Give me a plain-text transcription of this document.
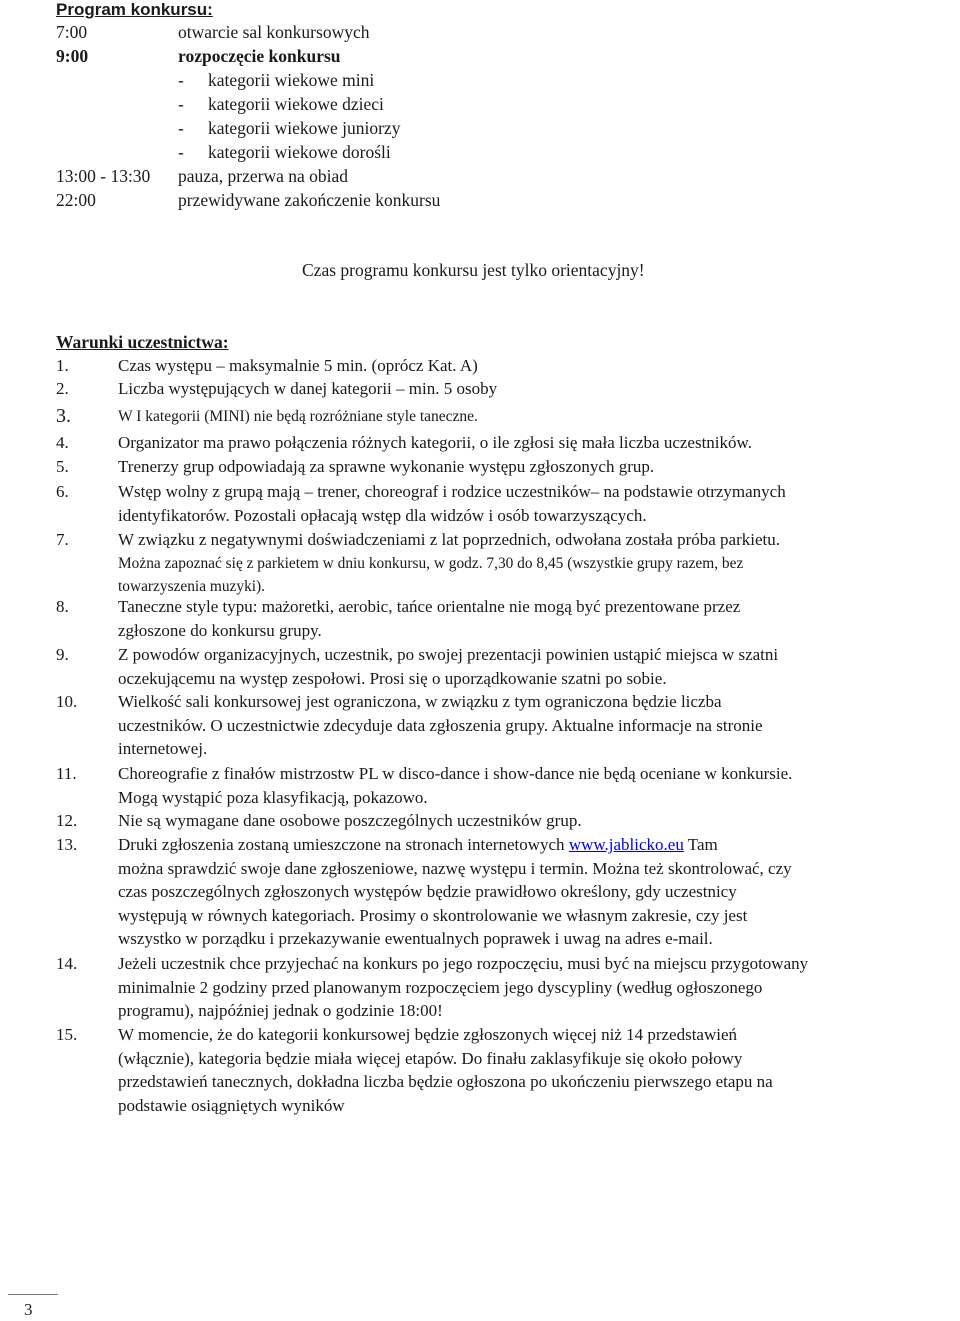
Program konkursu:
7:00	otwarcie sal konkursowych
9:00	rozpoczęcie konkursu
- kategorii wiekowe mini
- kategorii wiekowe dzieci
- kategorii wiekowe juniorzy
- kategorii wiekowe dorośli
13:00 - 13:30 pauza, przerwa na obiad
22:00	przewidywane zakończenie konkursu
Czas programu konkursu jest tylko orientacyjny!
Warunki uczestnictwa:
1.	Czas występu – maksymalnie 5 min. (oprócz Kat. A)
2.	Liczba występujących w danej kategorii – min. 5 osoby
3.	W I kategorii (MINI) nie będą rozróżniane style taneczne.
4.	Organizator ma prawo połączenia różnych kategorii, o ile zgłosi się mała liczba uczestników.
5.	Trenerzy grup odpowiadają za sprawne wykonanie występu zgłoszonych grup.
6.	Wstęp wolny z grupą mają – trener, choreograf i rodzice uczestników– na podstawie otrzymanych
identyfikatorów. Pozostali opłacają wstęp dla widzów i osób towarzyszących.
7.	W związku z negatywnymi doświadczeniami z lat poprzednich, odwołana została próba parkietu.
Można zapoznać się z parkietem w dniu konkursu, w godz. 7,30 do 8,45 (wszystkie grupy razem, bez
towarzyszenia muzyki).
8.	Taneczne style typu: mażoretki, aerobic, tańce orientalne nie mogą być prezentowane przez
zgłoszone do konkursu grupy.
9.	Z powodów organizacyjnych, uczestnik, po swojej prezentacji powinien ustąpić miejsca w szatni
oczekującemu na występ zespołowi. Prosi się o uporządkowanie szatni po sobie.
10. Wielkość sali konkursowej jest ograniczona, w związku z tym ograniczona będzie liczba
uczestników. O uczestnictwie zdecyduje data zgłoszenia grupy. Aktualne informacje na stronie
internetowej.
11. Choreografie z finałów mistrzostw PL w disco-dance i show-dance nie będą oceniane w konkursie.
Mogą wystąpić poza klasyfikacją, pokazowo.
12. Nie są wymagane dane osobowe poszczególnych uczestników grup.
13. Druki zgłoszenia zostaną umieszczone na stronach internetowych www.jablicko.eu Tam
można sprawdzić swoje dane zgłoszeniowe, nazwę występu i termin. Można też skontrolować, czy
czas poszczególnych zgłoszonych występów będzie prawidłowo określony, gdy uczestnicy
występują w równych kategoriach. Prosimy o skontrolowanie we własnym zakresie, czy jest
wszystko w porządku i przekazywanie ewentualnych poprawek i uwag na adres e-mail.
14. Jeżeli uczestnik chce przyjechać na konkurs po jego rozpoczęciu, musi być na miejscu przygotowany
minimalnie 2 godziny przed planowanym rozpoczęciem jego dyscypliny (według ogłoszonego
programu), najpóźniej jednak o godzinie 18:00!
15. W momencie, że do kategorii konkursowej będzie zgłoszonych więcej niż 14 przedstawień
(włącznie), kategoria będzie miała więcej etapów. Do finału zaklasyfikuje się około połowy
przedstawień tanecznych, dokładna liczba będzie ogłoszona po ukończeniu pierwszego etapu na
podstawie osiągniętych wyników
3
